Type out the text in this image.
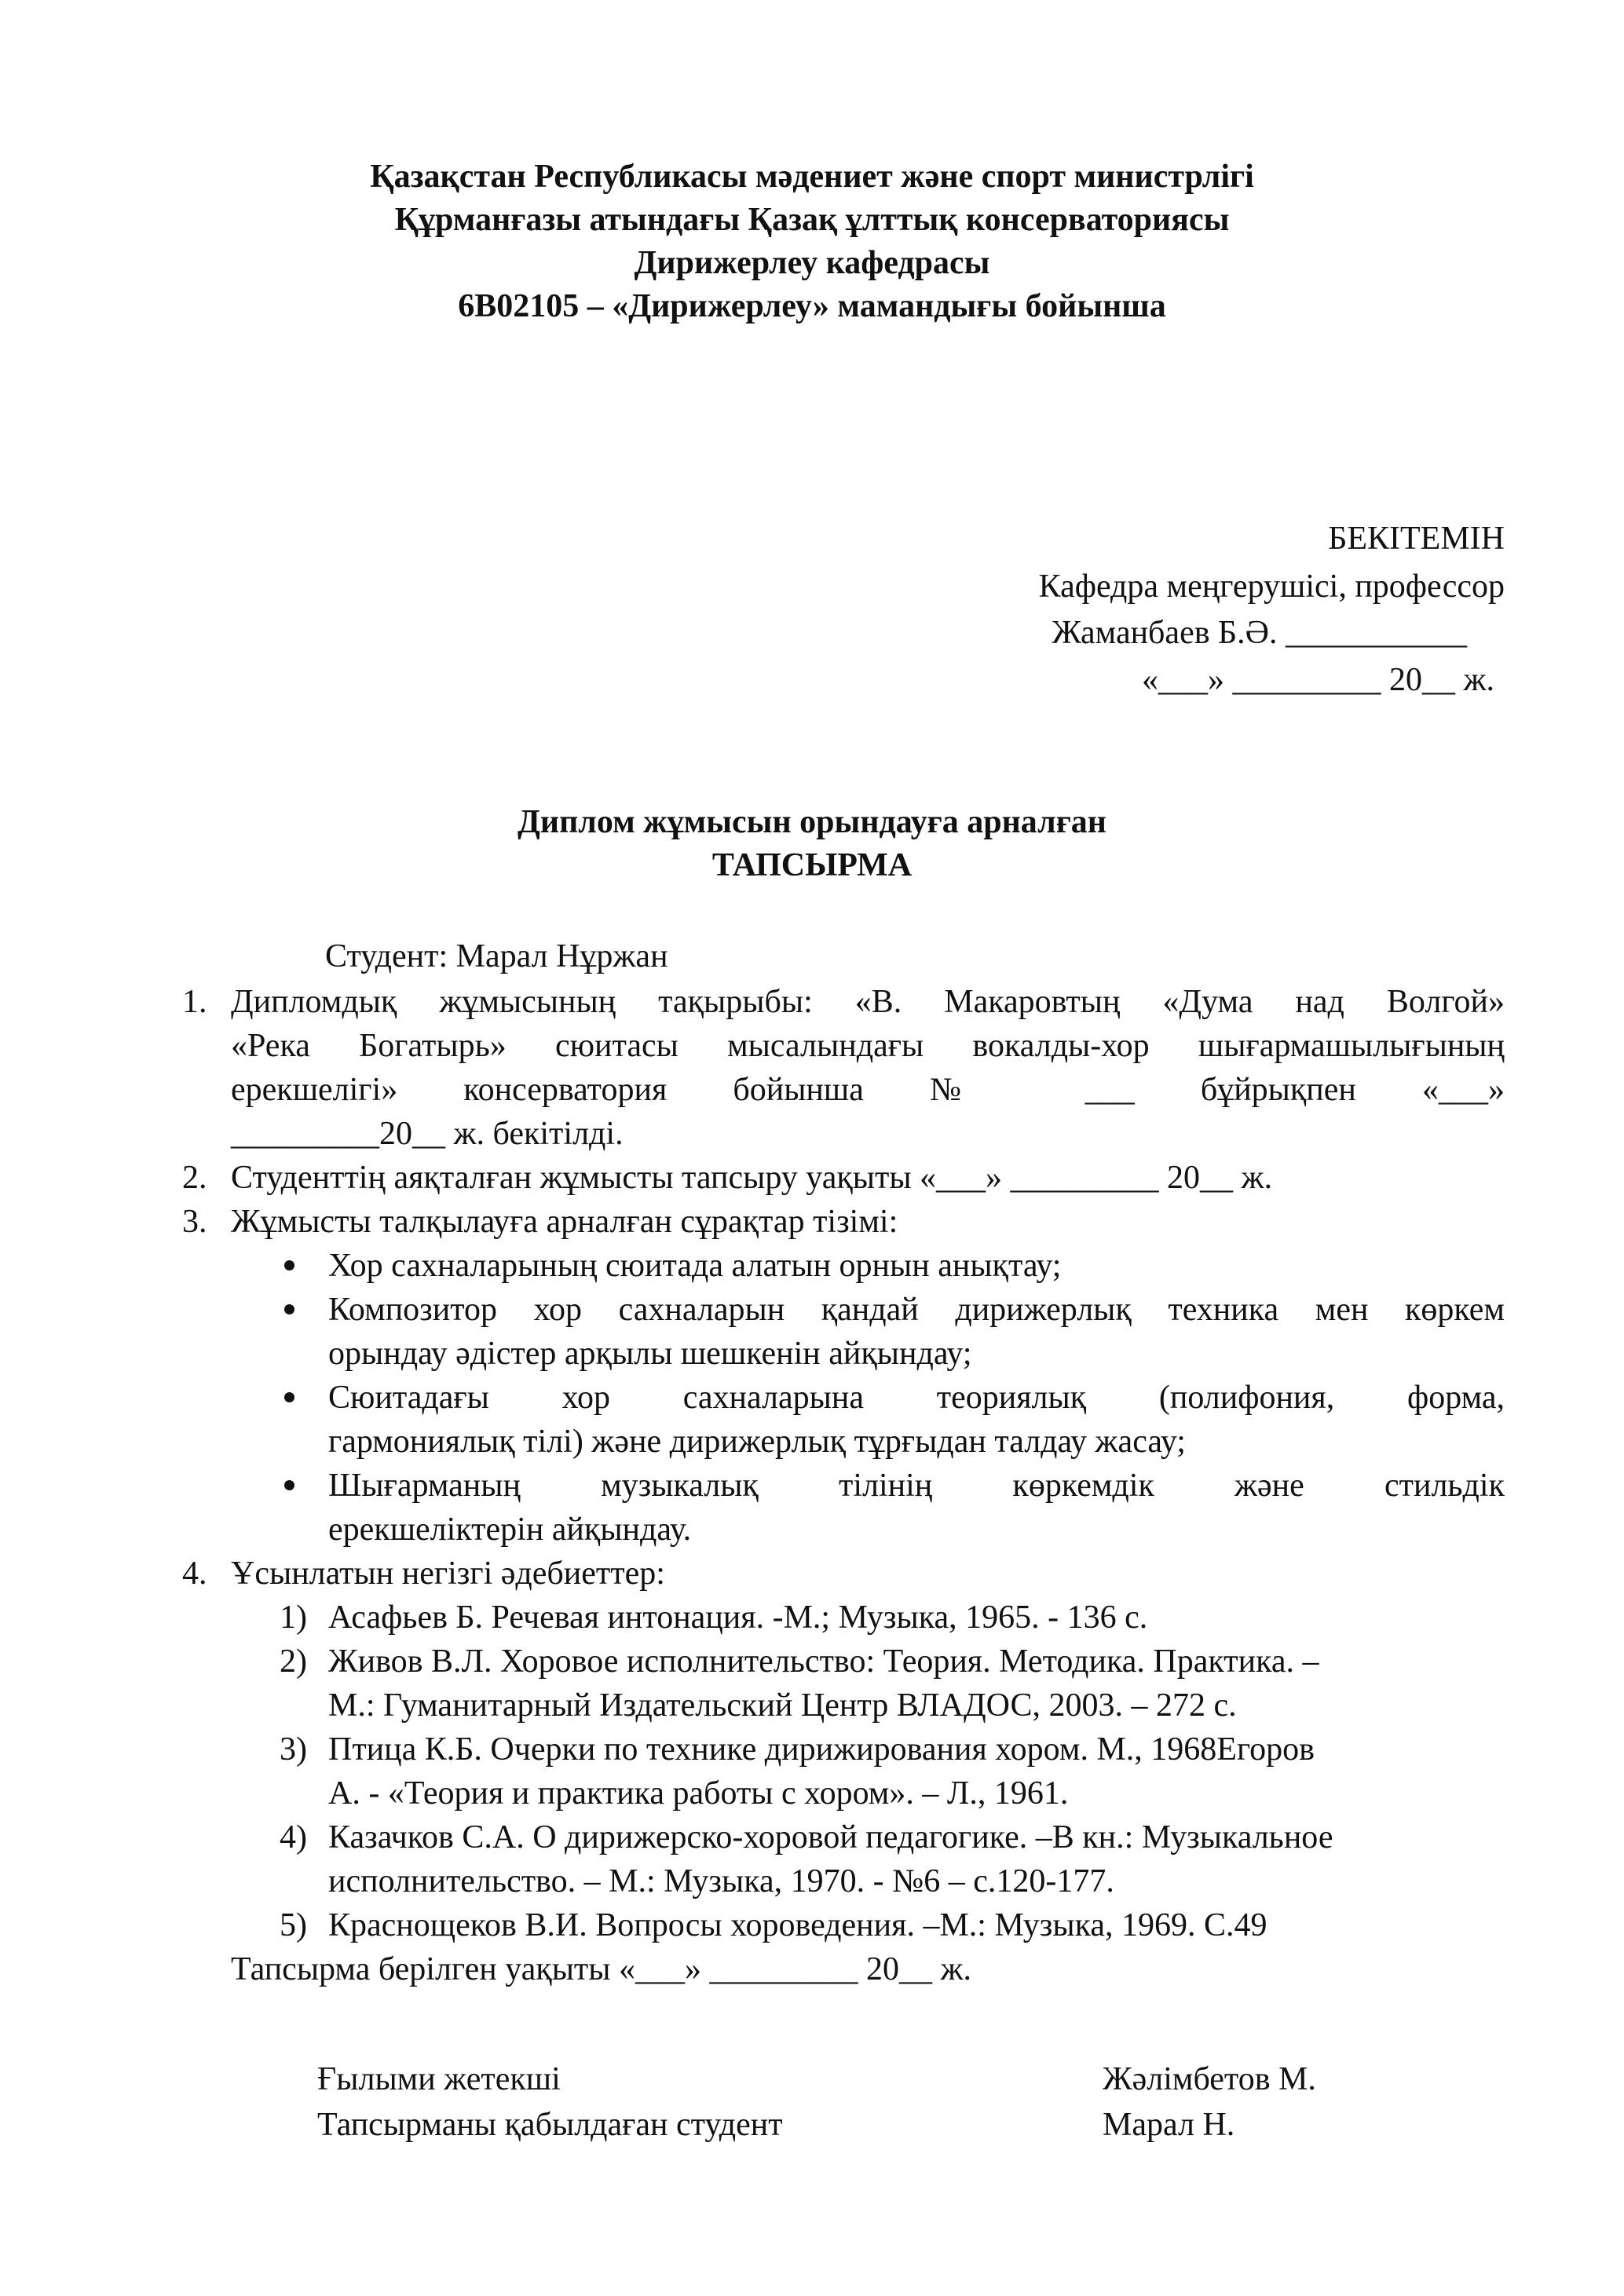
Қазақстан Республикасы мәдениет және спорт министрлігі
Құрманғазы атындағы Қазақ ұлттық консерваториясы
Дирижерлеу кафедрасы
6В02105 – «Дирижерлеу» мамандығы бойынша
БЕКІТЕМІН
Кафедра меңгерушісі, профессор
Жаманбаев Б.Ә. ___________
«___» _________ 20__ ж.
Диплом жұмысын орындауға арналған
ТАПСЫРМА
Студент: Марал Нұржан
1. Дипломдық жұмысының тақырыбы: «В. Макаровтың «Дума над Волгой»
«Река Богатырь» сюитасы мысалындағы вокалды-хор шығармашылығының
ерекшелігі» консерватория бойынша № ___ бұйрықпен «___»
_________20__ ж. бекітілді.
2. Студенттің аяқталған жұмысты тапсыру уақыты «___» _________ 20__ ж.
3. Жұмысты талқылауға арналған сұрақтар тізімі:
Хор сахналарының сюитада алатын орнын анықтау;
Композитор хор сахналарын қандай дирижерлық техника мен көркем
орындау әдістер арқылы шешкенін айқындау;
Сюитадағы хор сахналарына теориялық (полифония, форма,
гармониялық тілі) және дирижерлық тұрғыдан талдау жасау;
Шығарманың музыкалық тілінің көркемдік және стильдік
ерекшеліктерін айқындау.
4. Ұсынлатын негізгі әдебиеттер:
1) Асафьев Б. Речевая интонация. -М.; Музыка, 1965. - 136 с.
2) Живов В.Л. Хоровое исполнительство: Теория. Методика. Практика. –
М.: Гуманитарный Издательский Центр ВЛАДОС, 2003. – 272 с.
3) Птица К.Б. Очерки по технике дирижирования хором. М., 1968Егоров
А. - «Теория и практика работы с хором». – Л., 1961.
4) Казачков С.А. О дирижерско-хоровой педагогике. –В кн.: Музыкальное
исполнительство. – М.: Музыка, 1970. - №6 – с.120-177.
5) Краснощеков В.И. Вопросы хороведения. –М.: Музыка, 1969. С.49
Тапсырма берілген уақыты «___» _________ 20__ ж.
Ғылыми жетекші	Жәлімбетов М.
Тапсырманы қабылдаған студент	Марал Н.
